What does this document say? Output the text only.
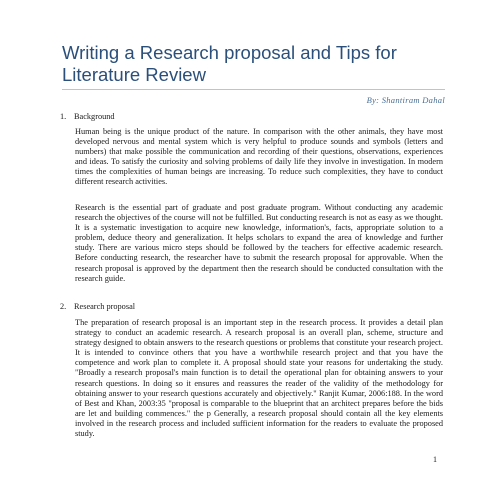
Writing a Research proposal and Tips for Literature Review
By: Shantiram Dahal
1. Background

Human being is the unique product of the nature. In comparison with the other animals, they have most developed nervous and mental system which is very helpful to produce sounds and symbols (letters and numbers) that make possible the communication and recording of their questions, observations, experiences and ideas. To satisfy the curiosity and solving problems of daily life they involve in investigation. In modern times the complexities of human beings are increasing. To reduce such complexities, they have to conduct different research activities.

Research is the essential part of graduate and post graduate program. Without conducting any academic research the objectives of the course will not be fulfilled. But conducting research is not as easy as we thought. It is a systematic investigation to acquire new knowledge, information's, facts, appropriate solution to a problem, deduce theory and generalization. It helps scholars to expand the area of knowledge and further study. There are various micro steps should be followed by the teachers for effective academic research. Before conducting research, the researcher have to submit the research proposal for approvable. When the research proposal is approved by the department then the research should be conducted consultation with the research guide.

2. Research proposal

The preparation of research proposal is an important step in the research process. It provides a detail plan strategy to conduct an academic research. A research proposal is an overall plan, scheme, structure and strategy designed to obtain answers to the research questions or problems that constitute your research project. It is intended to convince others that you have a worthwhile research project and that you have the competence and work plan to complete it. A proposal should state your reasons for undertaking the study. "Broadly a research proposal's main function is to detail the operational plan for obtaining answers to your research questions. In doing so it ensures and reassures the reader of the validity of the methodology for obtaining answer to your research questions accurately and objectively." Ranjit Kumar, 2006:188. In the word of Best and Khan, 2003:35 "proposal is comparable to the blueprint that an architect prepares before the bids are let and building commences." the p Generally, a research proposal should contain all the key elements involved in the research process and included sufficient information for the readers to evaluate the proposed study.

1
